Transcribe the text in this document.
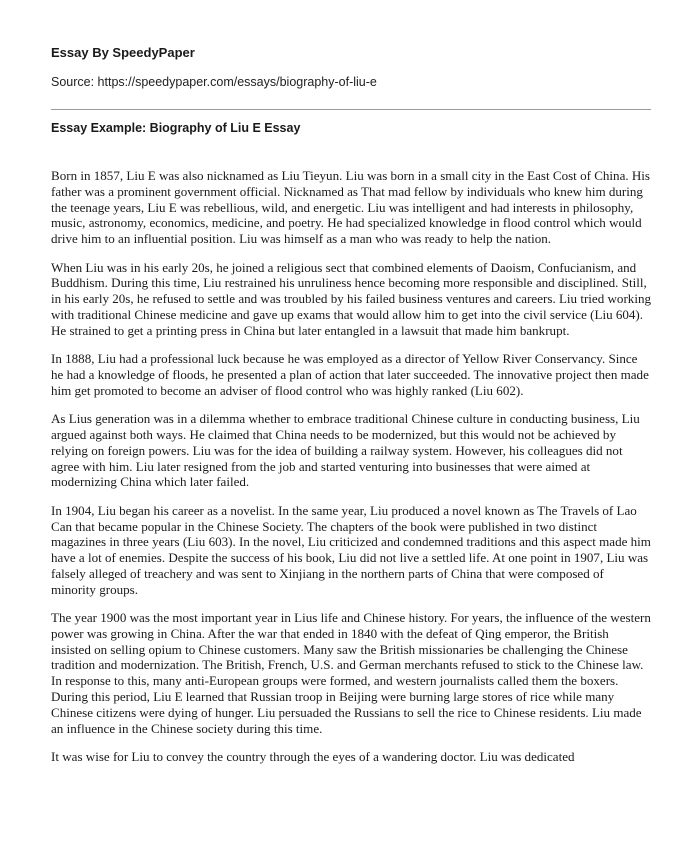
Essay By SpeedyPaper
Source: https://speedypaper.com/essays/biography-of-liu-e
Essay Example: Biography of Liu E Essay

Born in 1857, Liu E was also nicknamed as Liu Tieyun. Liu was born in a small city in the East Cost of China. His father was a prominent government official. Nicknamed as That mad fellow by individuals who knew him during the teenage years, Liu E was rebellious, wild, and energetic. Liu was intelligent and had interests in philosophy, music, astronomy, economics, medicine, and poetry. He had specialized knowledge in flood control which would drive him to an influential position. Liu was himself as a man who was ready to help the nation.

When Liu was in his early 20s, he joined a religious sect that combined elements of Daoism, Confucianism, and Buddhism. During this time, Liu restrained his unruliness hence becoming more responsible and disciplined. Still, in his early 20s, he refused to settle and was troubled by his failed business ventures and careers. Liu tried working with traditional Chinese medicine and gave up exams that would allow him to get into the civil service (Liu 604). He strained to get a printing press in China but later entangled in a lawsuit that made him bankrupt.

In 1888, Liu had a professional luck because he was employed as a director of Yellow River Conservancy. Since he had a knowledge of floods, he presented a plan of action that later succeeded. The innovative project then made him get promoted to become an adviser of flood control who was highly ranked (Liu 602).

As Lius generation was in a dilemma whether to embrace traditional Chinese culture in conducting business, Liu argued against both ways. He claimed that China needs to be modernized, but this would not be achieved by relying on foreign powers. Liu was for the idea of building a railway system. However, his colleagues did not agree with him. Liu later resigned from the job and started venturing into businesses that were aimed at modernizing China which later failed.

In 1904, Liu began his career as a novelist. In the same year, Liu produced a novel known as The Travels of Lao Can that became popular in the Chinese Society. The chapters of the book were published in two distinct magazines in three years (Liu 603). In the novel, Liu criticized and condemned traditions and this aspect made him have a lot of enemies. Despite the success of his book, Liu did not live a settled life. At one point in 1907, Liu was falsely alleged of treachery and was sent to Xinjiang in the northern parts of China that were composed of minority groups.

The year 1900 was the most important year in Lius life and Chinese history. For years, the influence of the western power was growing in China. After the war that ended in 1840 with the defeat of Qing emperor, the British insisted on selling opium to Chinese customers. Many saw the British missionaries be challenging the Chinese tradition and modernization. The British, French, U.S. and German merchants refused to stick to the Chinese law. In response to this, many anti-European groups were formed, and western journalists called them the boxers. During this period, Liu E learned that Russian troop in Beijing were burning large stores of rice while many Chinese citizens were dying of hunger. Liu persuaded the Russians to sell the rice to Chinese residents. Liu made an influence in the Chinese society during this time.

It was wise for Liu to convey the country through the eyes of a wandering doctor. Liu was dedicated
